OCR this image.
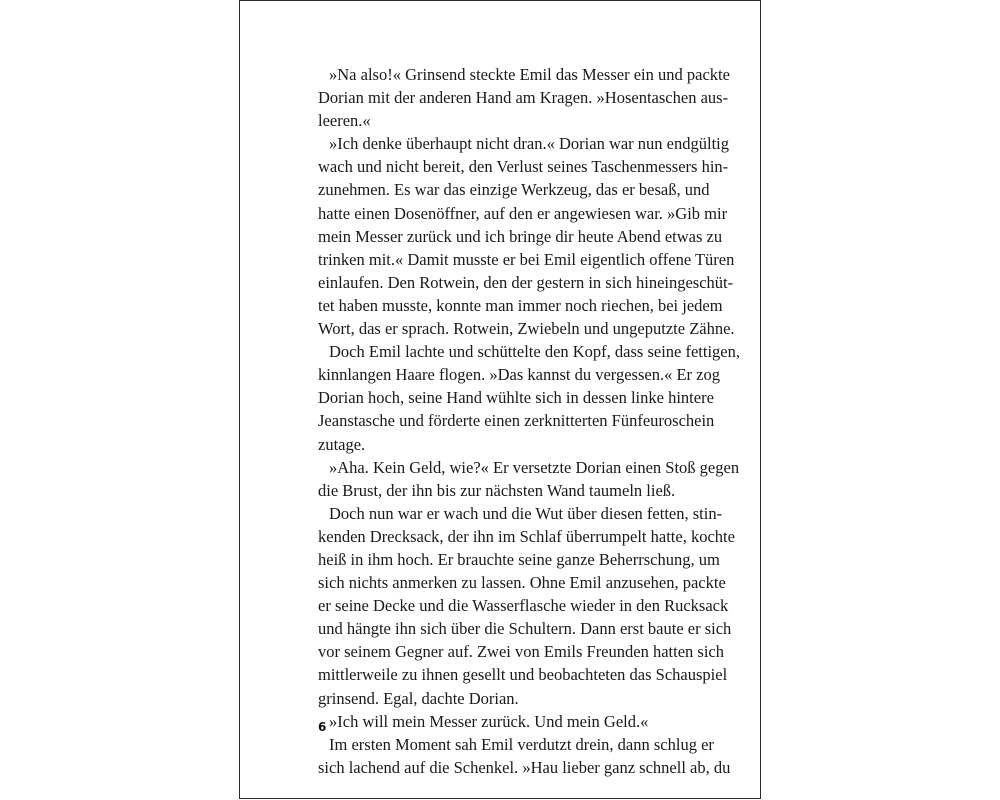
»Na also!« Grinsend steckte Emil das Messer ein und packte
Dorian mit der anderen Hand am Kragen. »Hosentaschen aus-
leeren.«
»Ich denke überhaupt nicht dran.« Dorian war nun endgültig
wach und nicht bereit, den Verlust seines Taschenmessers hin-
zunehmen. Es war das einzige Werkzeug, das er besaß, und
hatte einen Dosenöffner, auf den er angewiesen war. »Gib mir
mein Messer zurück und ich bringe dir heute Abend etwas zu
trinken mit.« Damit musste er bei Emil eigentlich offene Türen
einlaufen. Den Rotwein, den der gestern in sich hineingeschüt-
tet haben musste, konnte man immer noch riechen, bei jedem
Wort, das er sprach. Rotwein, Zwiebeln und ungeputzte Zähne.
Doch Emil lachte und schüttelte den Kopf, dass seine fettigen,
kinnlangen Haare flogen. »Das kannst du vergessen.« Er zog
Dorian hoch, seine Hand wühlte sich in dessen linke hintere
Jeanstasche und förderte einen zerknitterten Fünfeuroschein
zutage.
»Aha. Kein Geld, wie?« Er versetzte Dorian einen Stoß gegen
die Brust, der ihn bis zur nächsten Wand taumeln ließ.
Doch nun war er wach und die Wut über diesen fetten, stin-
kenden Drecksack, der ihn im Schlaf überrumpelt hatte, kochte
heiß in ihm hoch. Er brauchte seine ganze Beherrschung, um
sich nichts anmerken zu lassen. Ohne Emil anzusehen, packte
er seine Decke und die Wasserflasche wieder in den Rucksack
und hängte ihn sich über die Schultern. Dann erst baute er sich
vor seinem Gegner auf. Zwei von Emils Freunden hatten sich
mittlerweile zu ihnen gesellt und beobachteten das Schauspiel
grinsend. Egal, dachte Dorian.
»Ich will mein Messer zurück. Und mein Geld.«
Im ersten Moment sah Emil verdutzt drein, dann schlug er
sich lachend auf die Schenkel. »Hau lieber ganz schnell ab, du
6
